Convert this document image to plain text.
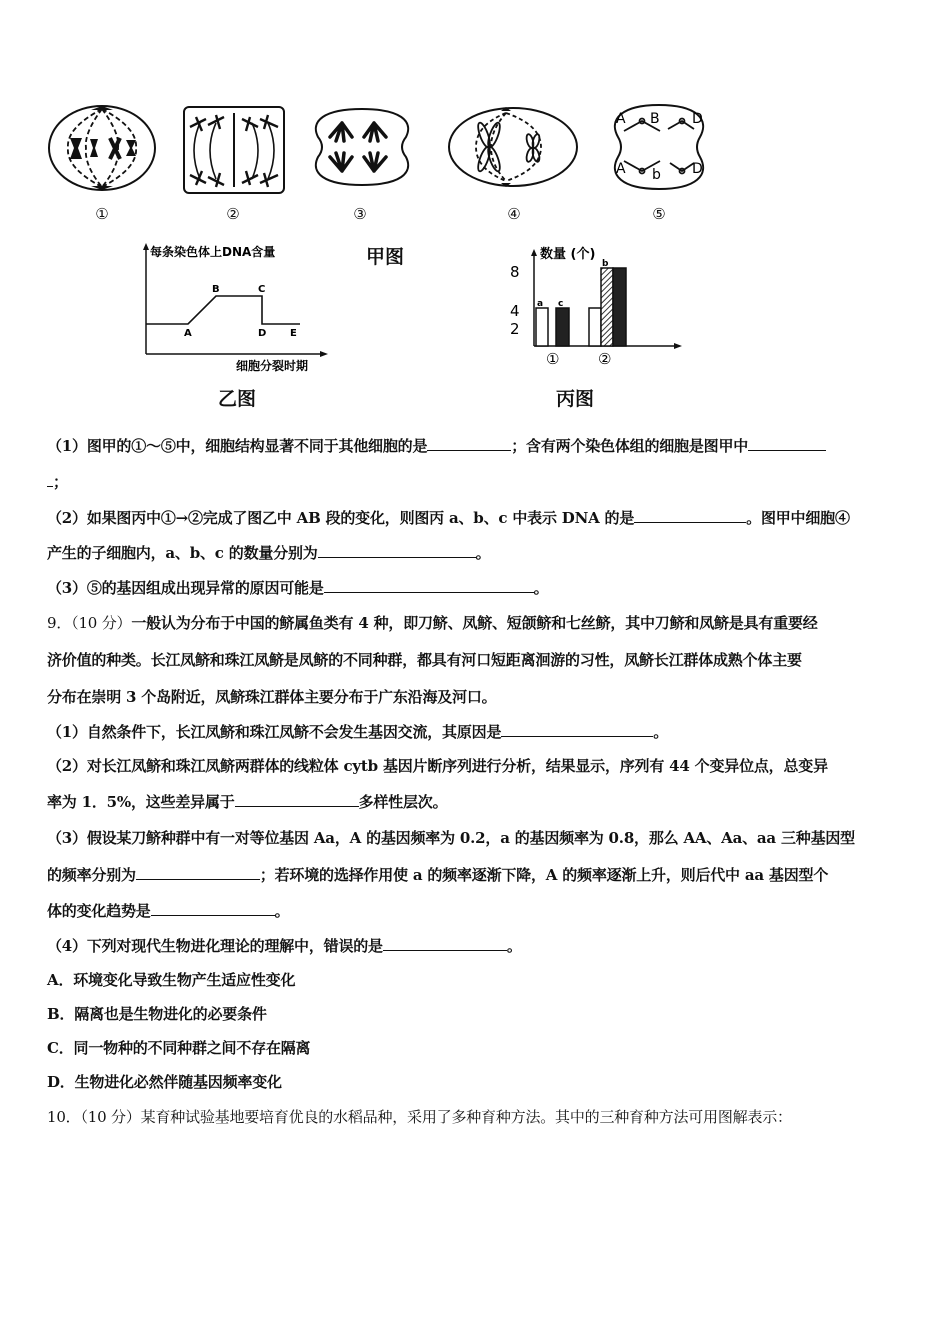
①	②	③	④
A B D
A b D
⑤
甲图
每条染色体上DNA含量
A
B	C
D E
细胞分裂时期
乙图
数量 (个)
8
4
2
a c
b
①	②
丙图
（1）图甲的①～⑤中，细胞结构显著不同于其他细胞的是	；含有两个染色体组的细胞是图甲中
；
（2）如果图丙中①→②完成了图乙中 AB 段的变化，则图丙 a、b、c 中表示 DNA 的是	。图甲中细胞④
产生的子细胞内，a、b、c 的数量分别为	。
（3）⑤的基因组成出现异常的原因可能是	。
9．（10 分）一般认为分布于中国的鲚属鱼类有 4 种，即刀鲚、凤鲚、短颌鲚和七丝鲚，其中刀鲚和凤鲚是具有重要经
济价值的种类。长江凤鲚和珠江凤鲚是凤鲚的不同种群，都具有河口短距离洄游的习性，凤鲚长江群体成熟个体主要
分布在崇明 3 个岛附近，凤鲚珠江群体主要分布于广东沿海及河口。
（1）自然条件下，长江凤鲚和珠江凤鲚不会发生基因交流，其原因是	。
（2）对长江凤鲚和珠江凤鲚两群体的线粒体 cytb 基因片断序列进行分析，结果显示，序列有 44 个变异位点，总变异
率为 1．5%，这些差异属于	多样性层次。
（3）假设某刀鲚种群中有一对等位基因 Aa，A 的基因频率为 0.2，a 的基因频率为 0.8，那么 AA、Aa、aa 三种基因型
的频率分别为	；若环境的选择作用使 a 的频率逐渐下降，A 的频率逐渐上升，则后代中 aa 基因型个
体的变化趋势是	。
（4）下列对现代生物进化理论的理解中，错误的是	。
A．环境变化导致生物产生适应性变化
B．隔离也是生物进化的必要条件
C．同一物种的不同种群之间不存在隔离
D．生物进化必然伴随基因频率变化
10．（10 分）某育种试验基地要培育优良的水稻品种，采用了多种育种方法。其中的三种育种方法可用图解表示：
